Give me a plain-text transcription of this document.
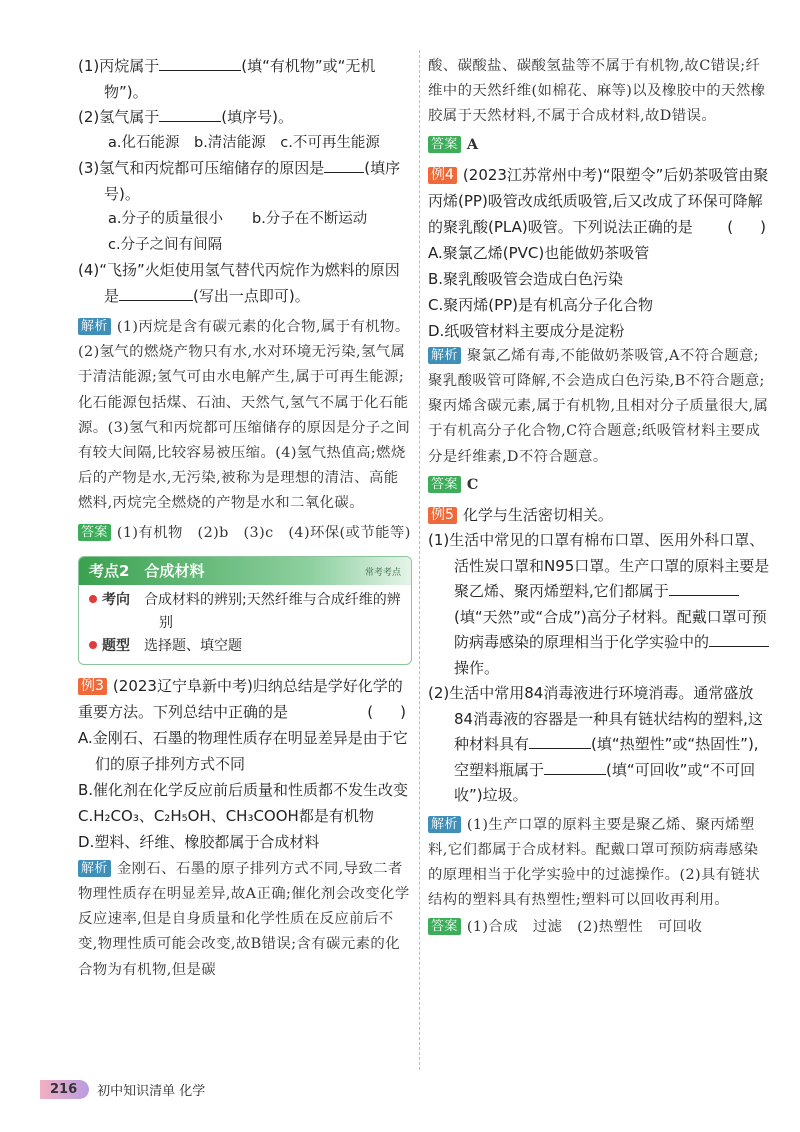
(1)丙烷属于	(填“有机物”或“无机物”)。

(2)氢气属于	(填序号)。

a.化石能源　b.清洁能源　c.不可再生能源

(3)氢气和丙烷都可压缩储存的原因是	(填序号)。

a.分子的质量很小　　b.分子在不断运动

c.分子之间有间隔

(4)“飞扬”火炬使用氢气替代丙烷作为燃料的原因是	(写出一点即可)。

解析 (1)丙烷是含有碳元素的化合物,属于有机物。(2)氢气的燃烧产物只有水,水对环境无污染,氢气属于清洁能源;氢气可由水电解产生,属于可再生能源;化石能源包括煤、石油、天然气,氢气不属于化石能源。(3)氢气和丙烷都可压缩储存的原因是分子之间有较大间隔,比较容易被压缩。(4)氢气热值高;燃烧后的产物是水,无污染,被称为是理想的清洁、高能燃料,丙烷完全燃烧的产物是水和二氧化碳。

答案 (1)有机物　(2)b　(3)c　(4)环保(或节能等)

考点2　合成材料	常考考点

考向　 合成材料的辨别;天然纤维与合成纤维的辨别

题型　 选择题、填空题

例3 (2023辽宁阜新中考)归纳总结是学好化学的重要方法。下列总结中正确的是	(　)

A.金刚石、石墨的物理性质存在明显差异是由于它们的原子排列方式不同

B.催化剂在化学反应前后质量和性质都不发生改变

C.H₂CO₃、C₂H₅OH、CH₃COOH都是有机物

D.塑料、纤维、橡胶都属于合成材料

解析 金刚石、石墨的原子排列方式不同,导致二者物理性质存在明显差异,故A正确;催化剂会改变化学反应速率,但是自身质量和化学性质在反应前后不变,物理性质可能会改变,故B错误;含有碳元素的化合物为有机物,但是碳

酸、碳酸盐、碳酸氢盐等不属于有机物,故C错误;纤维中的天然纤维(如棉花、麻等)以及橡胶中的天然橡胶属于天然材料,不属于合成材料,故D错误。

答案 A

例4 (2023江苏常州中考)“限塑令”后奶茶吸管由聚丙烯(PP)吸管改成纸质吸管,后又改成了环保可降解的聚乳酸(PLA)吸管。下列说法正确的是 (　)

A.聚氯乙烯(PVC)也能做奶茶吸管

B.聚乳酸吸管会造成白色污染

C.聚丙烯(PP)是有机高分子化合物

D.纸吸管材料主要成分是淀粉

解析 聚氯乙烯有毒,不能做奶茶吸管,A不符合题意;聚乳酸吸管可降解,不会造成白色污染,B不符合题意;聚丙烯含碳元素,属于有机物,且相对分子质量很大,属于有机高分子化合物,C符合题意;纸吸管材料主要成分是纤维素,D不符合题意。

答案 C

例5 化学与生活密切相关。

(1)生活中常见的口罩有棉布口罩、医用外科口罩、活性炭口罩和N95口罩。生产口罩的原料主要是聚乙烯、聚丙烯塑料,它们都属于(填“天然”或“合成”)高分子材料。配戴口罩可预防病毒感染的原理相当于化学实验中的操作。

(2)生活中常用84消毒液进行环境消毒。通常盛放84消毒液的容器是一种具有链状结构的塑料,这种材料具有	(填“热塑性”或“热固性”),空塑料瓶属于	(填“可回收”或“不可回收”)垃圾。

解析 (1)生产口罩的原料主要是聚乙烯、聚丙烯塑料,它们都属于合成材料。配戴口罩可预防病毒感染的原理相当于化学实验中的过滤操作。(2)具有链状结构的塑料具有热塑性;塑料可以回收再利用。

答案 (1)合成　过滤　(2)热塑性　可回收

216	初中知识清单 化学
